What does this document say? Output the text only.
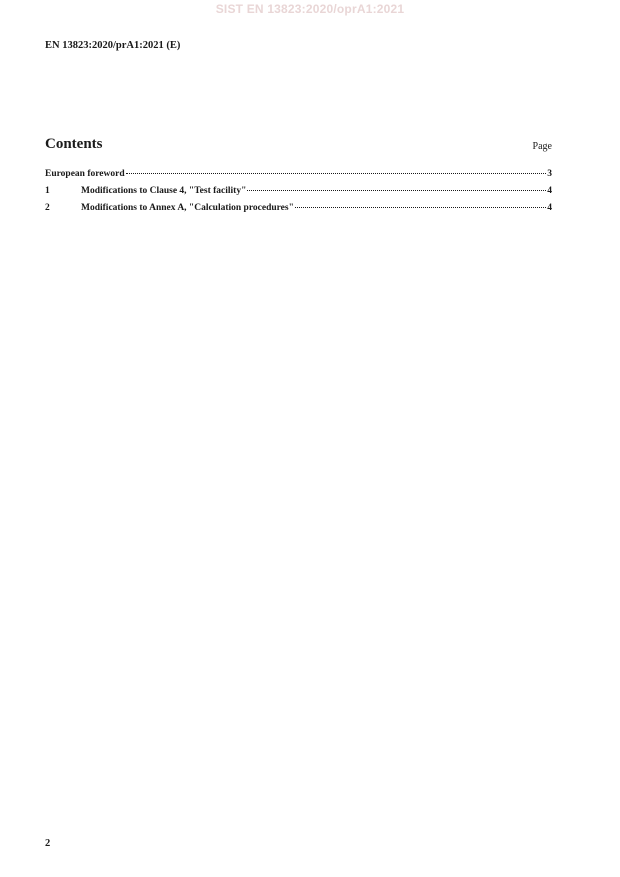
SIST EN 13823:2020/oprA1:2021
EN 13823:2020/prA1:2021 (E)
Contents	Page
European foreword	3
1	Modifications to Clause 4, "Test facility"	4
2	Modifications to Annex A, "Calculation procedures"	4
2
